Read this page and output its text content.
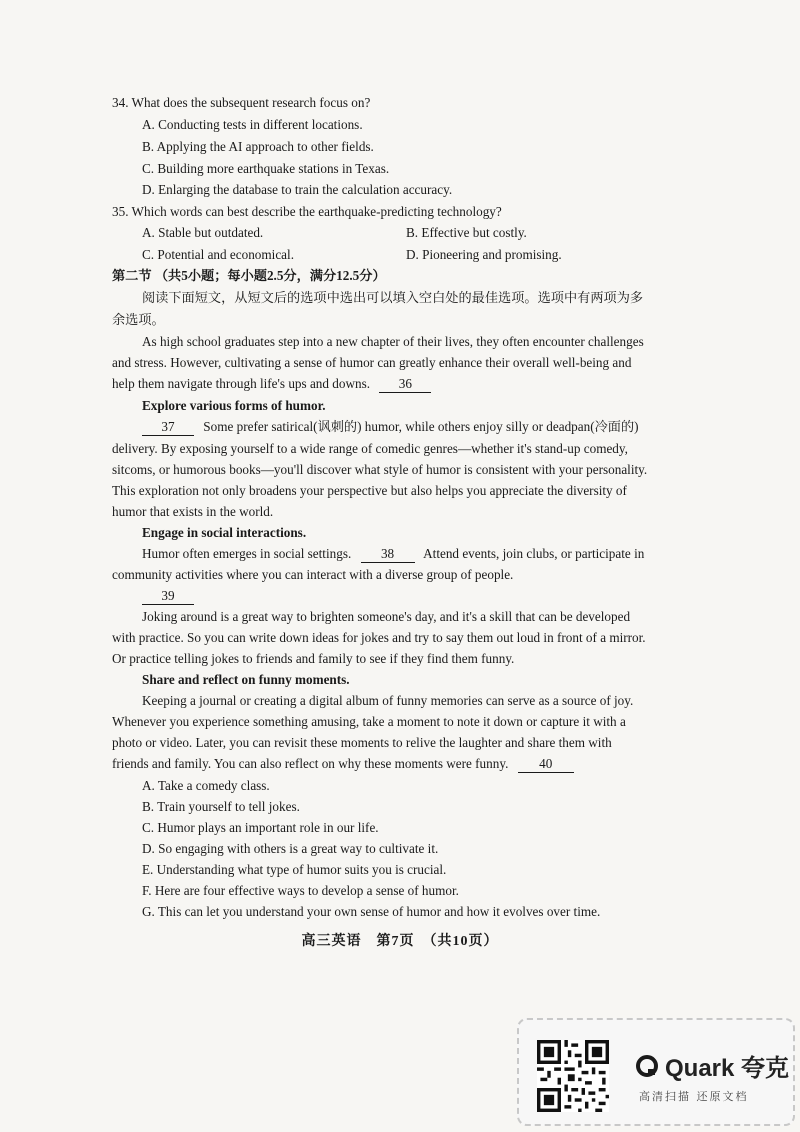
34. What does the subsequent research focus on?
A. Conducting tests in different locations.
B. Applying the AI approach to other fields.
C. Building more earthquake stations in Texas.
D. Enlarging the database to train the calculation accuracy.
35. Which words can best describe the earthquake-predicting technology?
A. Stable but outdated.	B. Effective but costly.
C. Potential and economical.	D. Pioneering and promising.
第二节 （共5小题；每小题2.5分，满分12.5分）
阅读下面短文，从短文后的选项中选出可以填入空白处的最佳选项。选项中有两项为多
余选项。
As high school graduates step into a new chapter of their lives, they often encounter challenges
and stress. However, cultivating a sense of humor can greatly enhance their overall well-being and
help them navigate through life's ups and downs. 36
Explore various forms of humor.
37 Some prefer satirical(讽刺的) humor, while others enjoy silly or deadpan(冷面的)
delivery. By exposing yourself to a wide range of comedic genres—whether it's stand-up comedy,
sitcoms, or humorous books—you'll discover what style of humor is consistent with your personality.
This exploration not only broadens your perspective but also helps you appreciate the diversity of
humor that exists in the world.
Engage in social interactions.
Humor often emerges in social settings. 38 Attend events, join clubs, or participate in
community activities where you can interact with a diverse group of people.
39
Joking around is a great way to brighten someone's day, and it's a skill that can be developed
with practice. So you can write down ideas for jokes and try to say them out loud in front of a mirror.
Or practice telling jokes to friends and family to see if they find them funny.
Share and reflect on funny moments.
Keeping a journal or creating a digital album of funny memories can serve as a source of joy.
Whenever you experience something amusing, take a moment to note it down or capture it with a
photo or video. Later, you can revisit these moments to relive the laughter and share them with
friends and family. You can also reflect on why these moments were funny. 40
A. Take a comedy class.
B. Train yourself to tell jokes.
C. Humor plays an important role in our life.
D. So engaging with others is a great way to cultivate it.
E. Understanding what type of humor suits you is crucial.
F. Here are four effective ways to develop a sense of humor.
G. This can let you understand your own sense of humor and how it evolves over time.
高三英语　第7页　（共10页）
Quark 夸克
高清扫描 还原文档
